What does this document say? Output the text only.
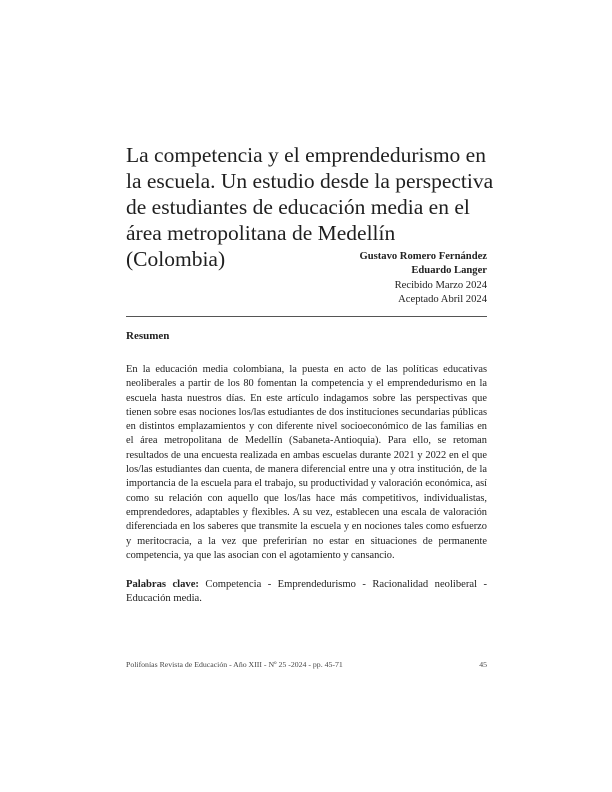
La competencia y el emprendedurismo en la escuela. Un estudio desde la perspectiva de estudiantes de educación media en el área metropolitana de Medellín (Colombia)	Gustavo Romero Fernández
Eduardo Langer
Recibido Marzo 2024
Aceptado Abril 2024
Resumen

En la educación media colombiana, la puesta en acto de las políticas educativas neoliberales a partir de los 80 fomentan la competencia y el emprendedurismo en la escuela hasta nuestros días. En este artículo indagamos sobre las perspectivas que tienen sobre esas nociones los/las estudiantes de dos instituciones secundarias públicas en distintos emplazamientos y con diferente nivel socioeconómico de las familias en el área metropolitana de Medellín (Sabaneta-Antioquia). Para ello, se retoman resultados de una encuesta realizada en ambas escuelas durante 2021 y 2022 en el que los/las estudiantes dan cuenta, de manera diferencial entre una y otra institución, de la importancia de la escuela para el trabajo, su productividad y valoración económica, así como su relación con aquello que los/las hace más competitivos, individualistas, emprendedores, adaptables y flexibles. A su vez, establecen una escala de valoración diferenciada en los saberes que transmite la escuela y en nociones tales como esfuerzo y meritocracia, a la vez que preferirían no estar en situaciones de permanente competencia, ya que las asocian con el agotamiento y cansancio.

Palabras clave: Competencia - Emprendedurismo - Racionalidad neoliberal - Educación media.

Polifonías Revista de Educación - Año XIII - Nº 25 -2024 - pp. 45-71	45
